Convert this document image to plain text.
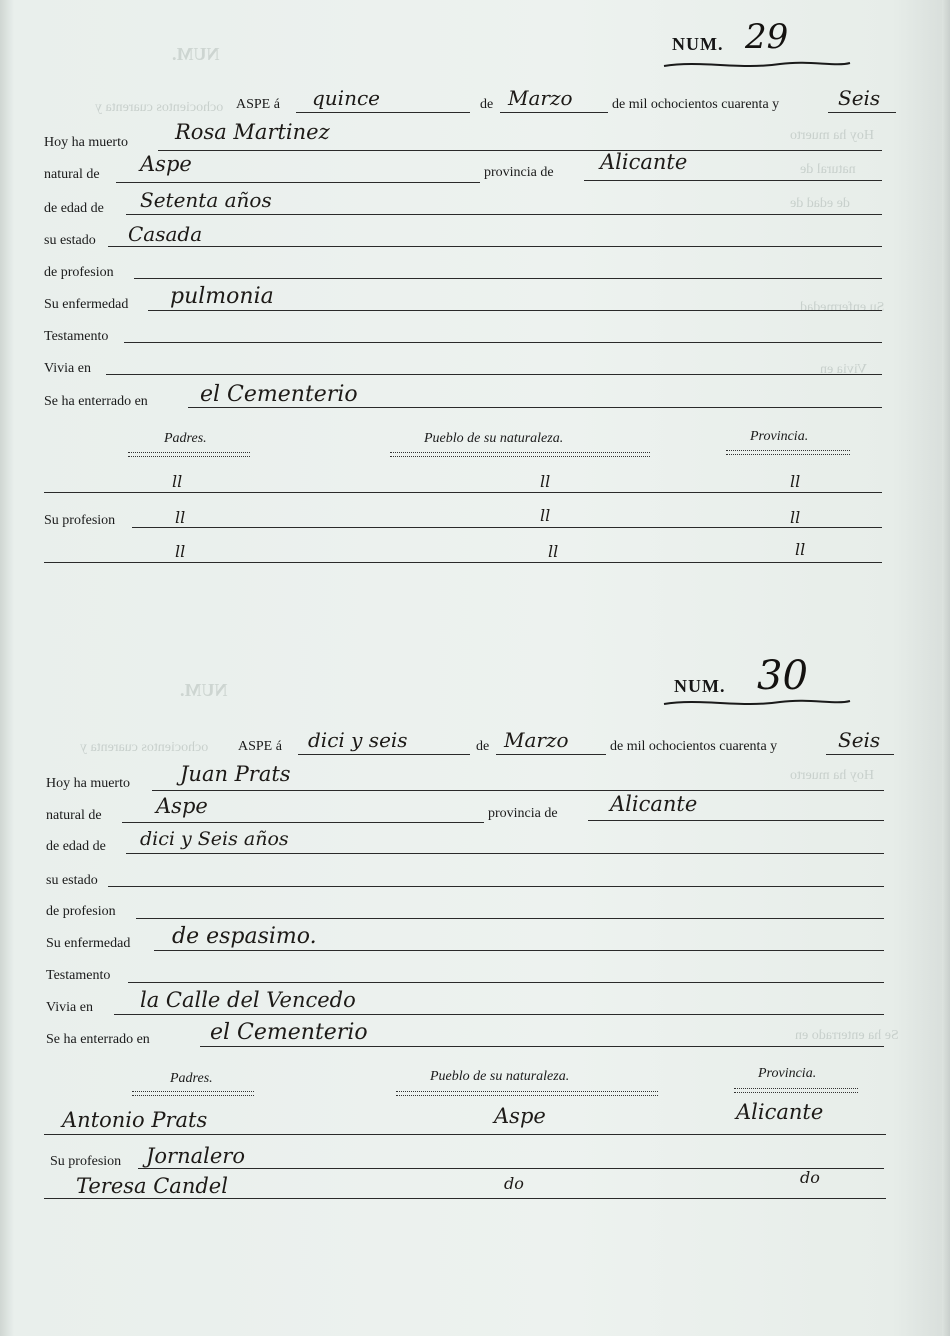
NUM.
ochocientos cuarenta y
Hoy ha muerto
natural de
de edad de
Su enfermedad
Vivia en
NUM.
ochocientos cuarenta y
Hoy ha muerto
Se ha enterrado en
NUM. 29
ASPE á quince	de Marzo	de mil ochocientos cuarenta y	Seis
Hoy ha muerto Rosa Martinez
natural de Aspe	provincia de Alicante
de edad de Setenta años
su estado Casada
de profesion
Su enfermedad pulmonia
Testamento
Vivia en
Se ha enterrado en el Cementerio
Padres.	Pueblo de su naturaleza.	Provincia.
ll	ll	ll
Su profesion	ll	ll	ll
ll	ll	ll
NUM. 30
ASPE á dici y seis	de Marzo	de mil ochocientos cuarenta y	Seis
Hoy ha muerto Juan Prats
natural de	Aspe	provincia de Alicante
de edad de dici y Seis años
su estado
de profesion
Su enfermedad de espasimo.
Testamento
Vivia en la Calle del Vencedo
Se ha enterrado en	el Cementerio
Padres.	Pueblo de su naturaleza.	Provincia.
Antonio Prats	Aspe	Alicante
Su profesion Jornalero
Teresa Candel	do	do
